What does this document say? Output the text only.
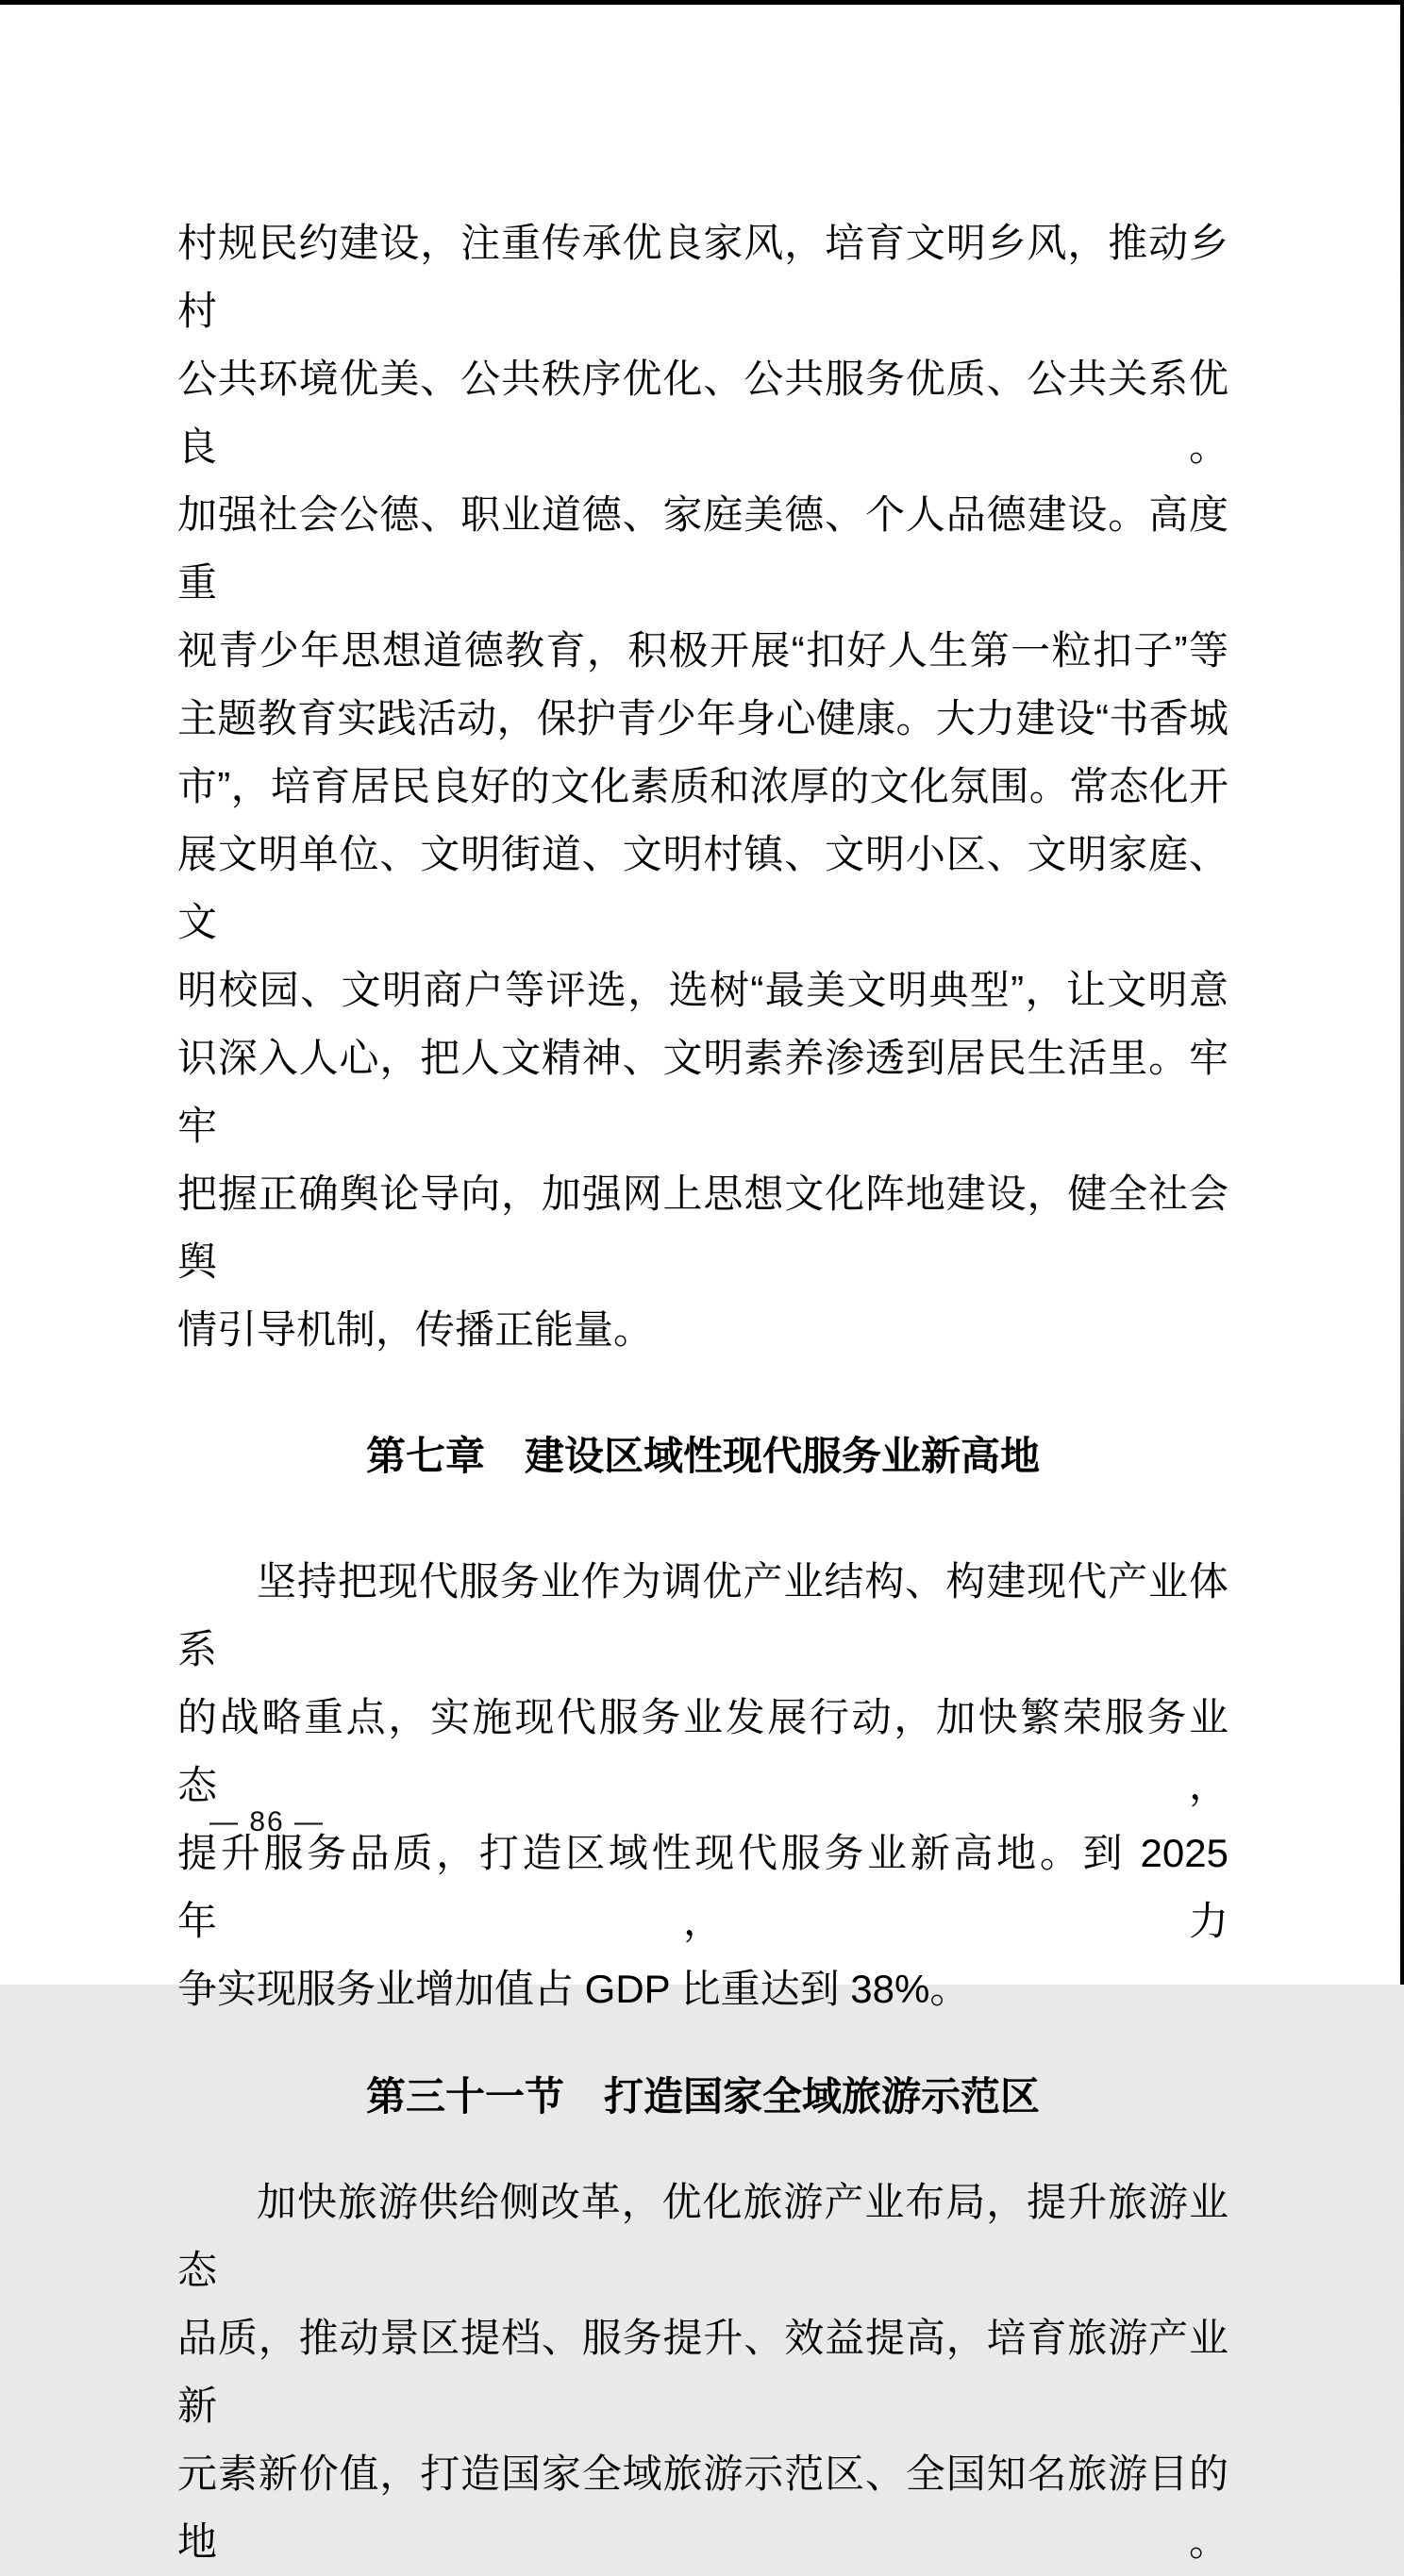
村规民约建设，注重传承优良家风，培育文明乡风，推动乡村
公共环境优美、公共秩序优化、公共服务优质、公共关系优良。
加强社会公德、职业道德、家庭美德、个人品德建设。高度重
视青少年思想道德教育，积极开展“扣好人生第一粒扣子”等
主题教育实践活动，保护青少年身心健康。大力建设“书香城
市”，培育居民良好的文化素质和浓厚的文化氛围。常态化开
展文明单位、文明街道、文明村镇、文明小区、文明家庭、文
明校园、文明商户等评选，选树“最美文明典型”，让文明意
识深入人心，把人文精神、文明素养渗透到居民生活里。牢牢
把握正确舆论导向，加强网上思想文化阵地建设，健全社会舆
情引导机制，传播正能量。
第七章　建设区域性现代服务业新高地
坚持把现代服务业作为调优产业结构、构建现代产业体系
的战略重点，实施现代服务业发展行动，加快繁荣服务业态，
提升服务品质，打造区域性现代服务业新高地。到 2025 年，力
争实现服务业增加值占 GDP 比重达到 38%。
第三十一节　打造国家全域旅游示范区
加快旅游供给侧改革，优化旅游产业布局，提升旅游业态
品质，推动景区提档、服务提升、效益提高，培育旅游产业新
元素新价值，打造国家全域旅游示范区、全国知名旅游目的地。
— 86 —
